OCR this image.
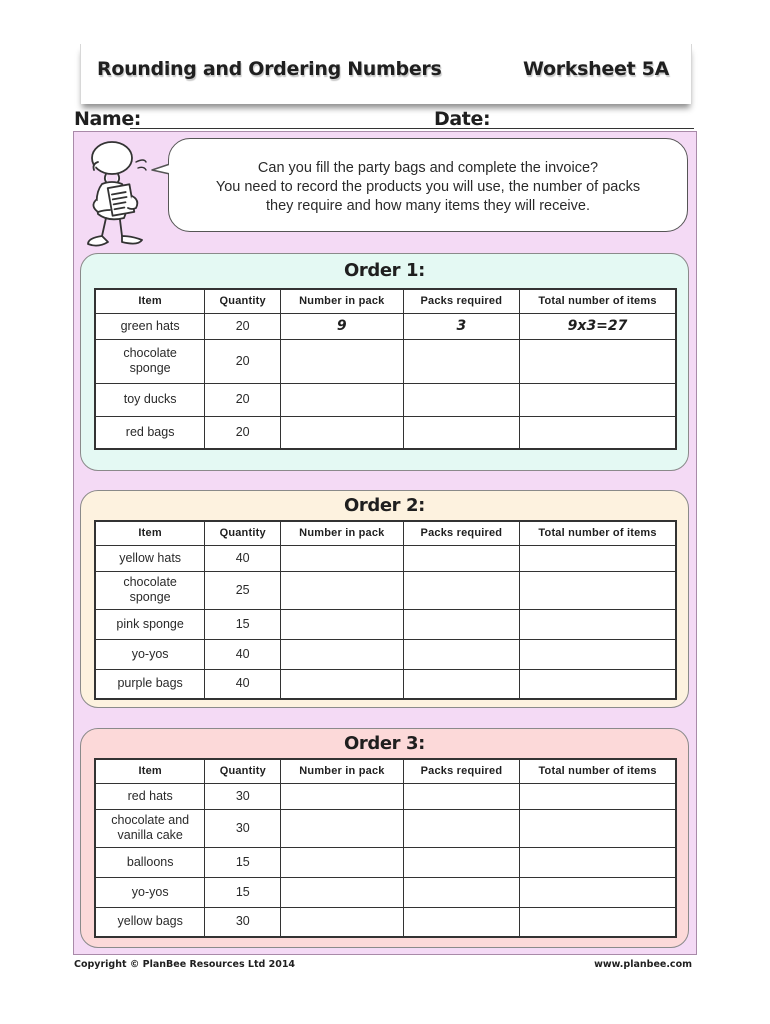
Rounding and Ordering Numbers	Worksheet 5A
Name:	Date:
Can you fill the party bags and complete the invoice?
You need to record the products you will use, the number of packs
they require and how many items they will receive.
Order 1:
Item	Quantity	Number in pack	Packs required	Total number of items
green hats	20	9	3	9x3=27

chocolate sponge	20			
toy ducks	20			
red bags	20			
Order 2:
Item	Quantity	Number in pack	Packs required	Total number of items
yellow hats	40			

chocolate sponge	25			
pink sponge	15			
yo-yos	40			
purple bags	40			
Order 3:
Item	Quantity	Number in pack	Packs required	Total number of items
red hats	30			

chocolate and vanilla cake	30			
balloons	15			
yo-yos	15			
yellow bags	30			
Copyright © PlanBee Resources Ltd 2014	www.planbee.com
